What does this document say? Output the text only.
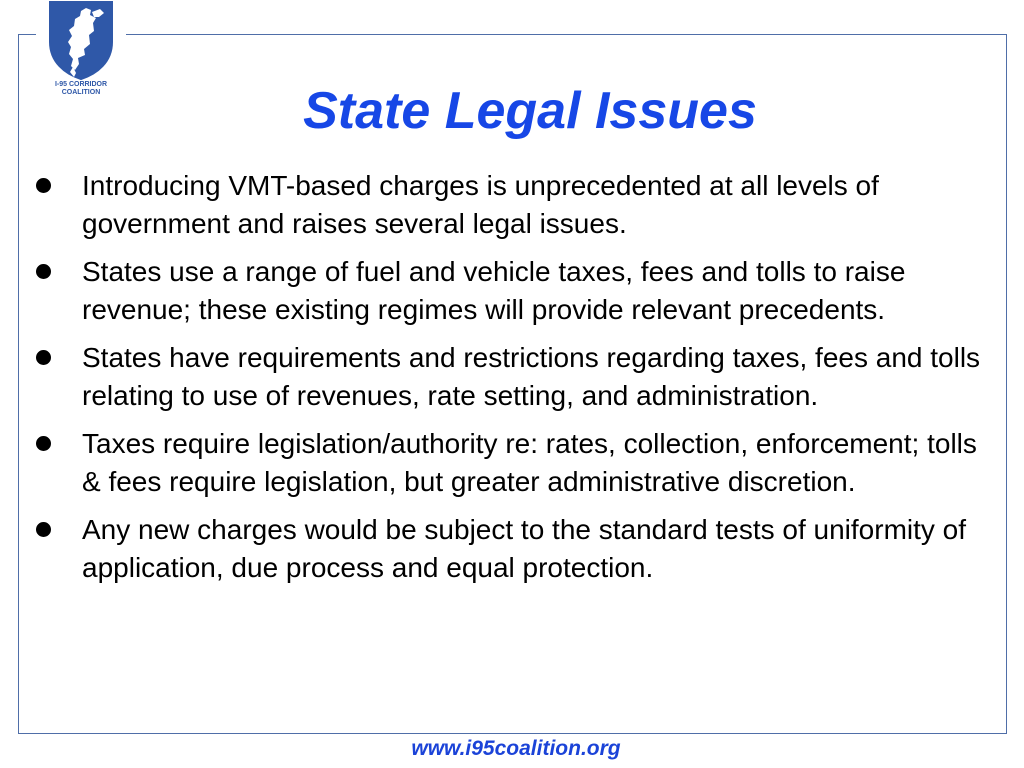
I-95 CORRIDOR
COALITION	State Legal Issues
Introducing VMT-based charges is unprecedented at all levels of government and raises several legal issues.
States use a range of fuel and vehicle taxes, fees and tolls to raise revenue; these existing regimes will provide relevant precedents.
States have requirements and restrictions regarding taxes, fees and tolls relating to use of revenues, rate setting, and administration.
Taxes require legislation/authority re: rates, collection, enforcement; tolls & fees require legislation, but greater administrative discretion.
Any new charges would be subject to the standard tests of uniformity of application, due process and equal protection.
www.i95coalition.org
